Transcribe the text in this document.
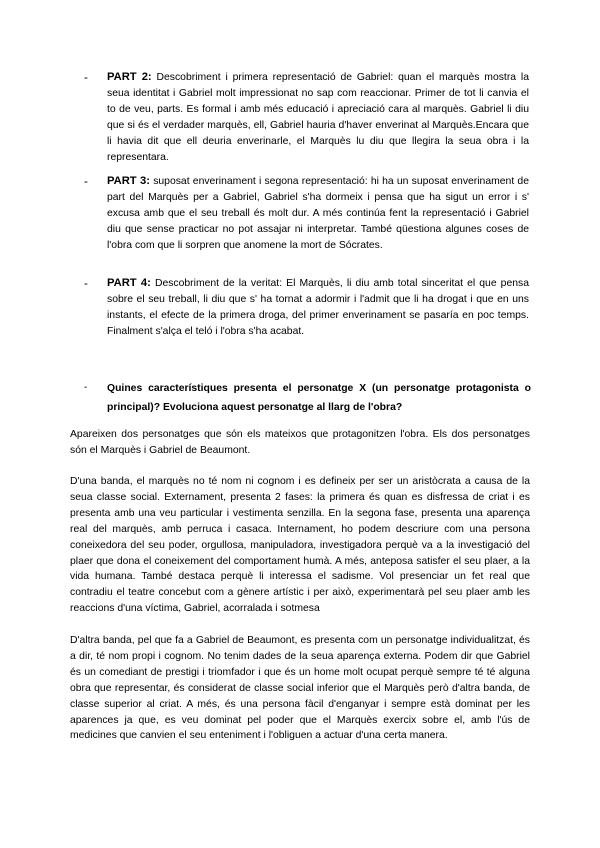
- PART 2: Descobriment i primera representació de Gabriel: quan el marquès mostra la seua identitat i Gabriel molt impressionat no sap com reaccionar. Primer de tot li canvia el to de veu, parts. Es formal i amb més educació i apreciació cara al marquès. Gabriel li diu que si és el verdader marquès, ell, Gabriel hauria d'haver enverinat al Marquès.Encara que li havia dit que ell deuria enverinarle, el Marquès lu diu que llegira la seua obra i la representara.

- PART 3: suposat enverinament i segona representació: hi ha un suposat enverinament de part del Marquès per a Gabriel, Gabriel s'ha dormeix i pensa que ha sigut un error i s' excusa amb que el seu treball és molt dur. A més continúa fent la representació i Gabriel diu que sense practicar no pot assajar ni interpretar. També qüestiona algunes coses de l'obra com que li sorpren que anomene la mort de Sócrates.

- PART 4: Descobriment de la veritat: El Marquès, li diu amb total sinceritat el que pensa sobre el seu treball, li diu que s' ha tornat a adormir i l'admit que li ha drogat i que en uns instants, el efecte de la primera droga, del primer enverinament se pasaría en poc temps. Finalment s'alça el teló i l'obra s'ha acabat.

- Quines característiques presenta el personatge X (un personatge protagonista o principal)? Evoluciona aquest personatge al llarg de l'obra?

Apareixen dos personatges que són els mateixos que protagonitzen l'obra. Els dos personatges són el Marquès i Gabriel de Beaumont.

D'una banda, el marquès no té nom ni cognom i es defineix per ser un aristòcrata a causa de la seua classe social. Externament, presenta 2 fases: la primera és quan es disfressa de criat i es presenta amb una veu particular i vestimenta senzilla. En la segona fase, presenta una aparença real del marquès, amb perruca i casaca. Internament, ho podem descriure com una persona coneixedora del seu poder, orgullosa, manipuladora, investigadora perquè va a la investigació del plaer que dona el coneixement del comportament humà. A més, anteposa satisfer el seu plaer, a la vida humana. També destaca perquè li interessa el sadisme. Vol presenciar un fet real que contradiu el teatre concebut com a gènere artístic i per això, experimentarà pel seu plaer amb les reaccions d'una víctima, Gabriel, acorralada i sotmesa

D'altra banda, pel que fa a Gabriel de Beaumont, es presenta com un personatge individualitzat, és a dir, té nom propi i cognom. No tenim dades de la seua aparença externa. Podem dir que Gabriel és un comediant de prestigi i triomfador i que és un home molt ocupat perquè sempre té té alguna obra que representar, és considerat de classe social inferior que el Marquès però d'altra banda, de classe superior al criat. A més, és una persona fàcil d'enganyar i sempre està dominat per les aparences ja que, es veu dominat pel poder que el Marquès exercix sobre el, amb l'ús de medicines que canvien el seu enteniment i l'obliguen a actuar d'una certa manera.
